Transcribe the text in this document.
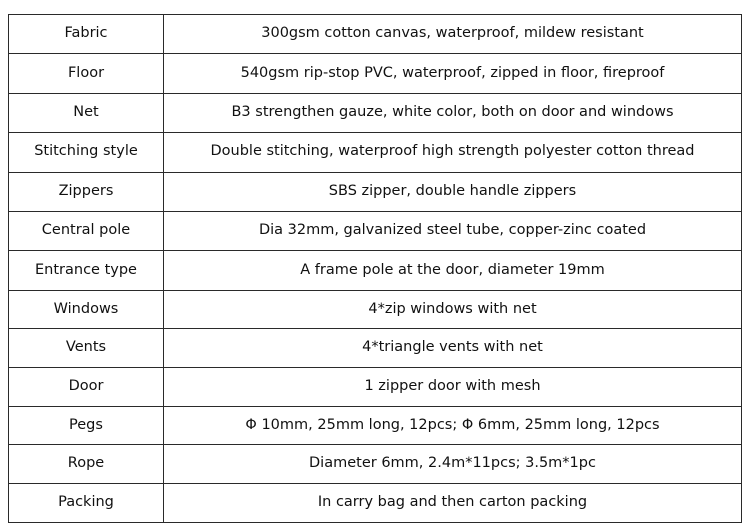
Fabric	300gsm cotton canvas, waterproof, mildew resistant
Floor	540gsm rip-stop PVC, waterproof, zipped in floor, fireproof
Net	B3 strengthen gauze, white color, both on door and windows
Stitching style	Double stitching, waterproof high strength polyester cotton thread
Zippers	SBS zipper, double handle zippers
Central pole	Dia 32mm, galvanized steel tube, copper-zinc coated
Entrance type	A frame pole at the door, diameter 19mm
Windows	4*zip windows with net
Vents	4*triangle vents with net
Door	1 zipper door with mesh
Pegs	Φ 10mm, 25mm long, 12pcs; Φ 6mm, 25mm long, 12pcs
Rope	Diameter 6mm, 2.4m*11pcs; 3.5m*1pc
Packing	In carry bag and then carton packing
